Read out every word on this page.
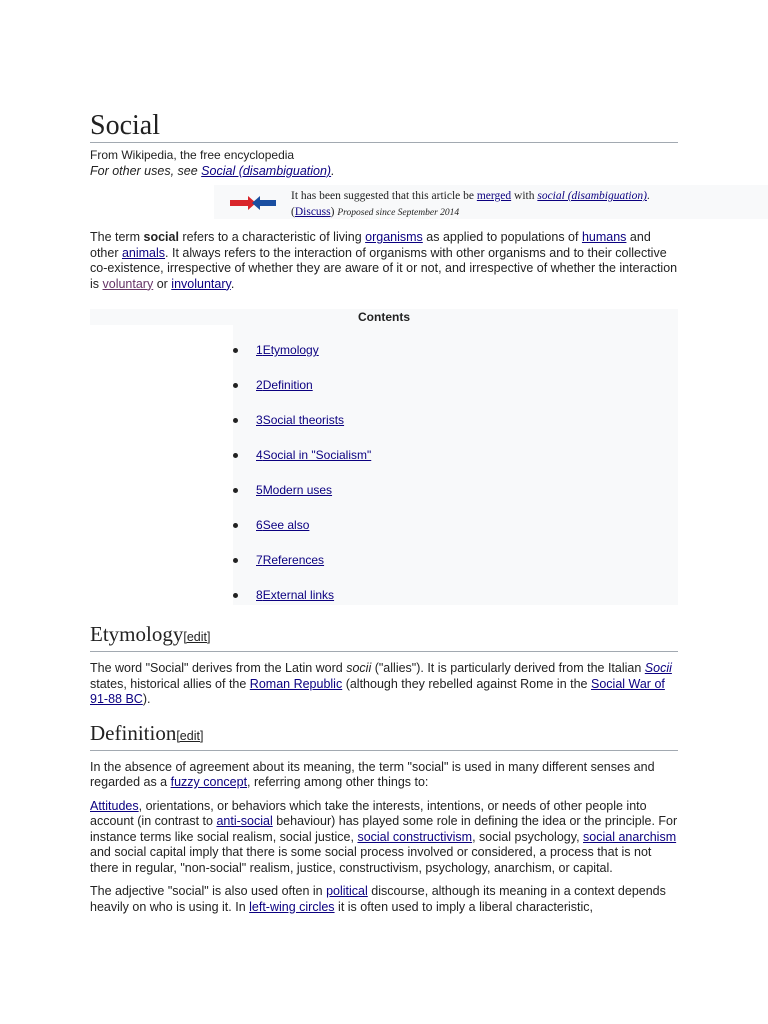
Social
From Wikipedia, the free encyclopedia
For other uses, see Social (disambiguation).
It has been suggested that this article be merged with social (disambiguation).
(Discuss) Proposed since September 2014

The term social refers to a characteristic of living organisms as applied to populations of humans and other animals. It always refers to the interaction of organisms with other organisms and to their collective co-existence, irrespective of whether they are aware of it or not, and irrespective of whether the interaction is voluntary or involuntary.

Contents
1Etymology
2Definition
3Social theorists
4Social in "Socialism"
5Modern uses
6See also
7References
8External links
Etymology[edit]

The word "Social" derives from the Latin word socii ("allies"). It is particularly derived from the Italian Socii states, historical allies of the Roman Republic (although they rebelled against Rome in the Social War of 91-88 BC).

Definition[edit]

In the absence of agreement about its meaning, the term "social" is used in many different senses and regarded as a fuzzy concept, referring among other things to:

Attitudes, orientations, or behaviors which take the interests, intentions, or needs of other people into account (in contrast to anti-social behaviour) has played some role in defining the idea or the principle. For instance terms like social realism, social justice, social constructivism, social psychology, social anarchism and social capital imply that there is some social process involved or considered, a process that is not there in regular, "non-social" realism, justice, constructivism, psychology, anarchism, or capital.

The adjective "social" is also used often in political discourse, although its meaning in a context depends heavily on who is using it. In left-wing circles it is often used to imply a liberal characteristic,
